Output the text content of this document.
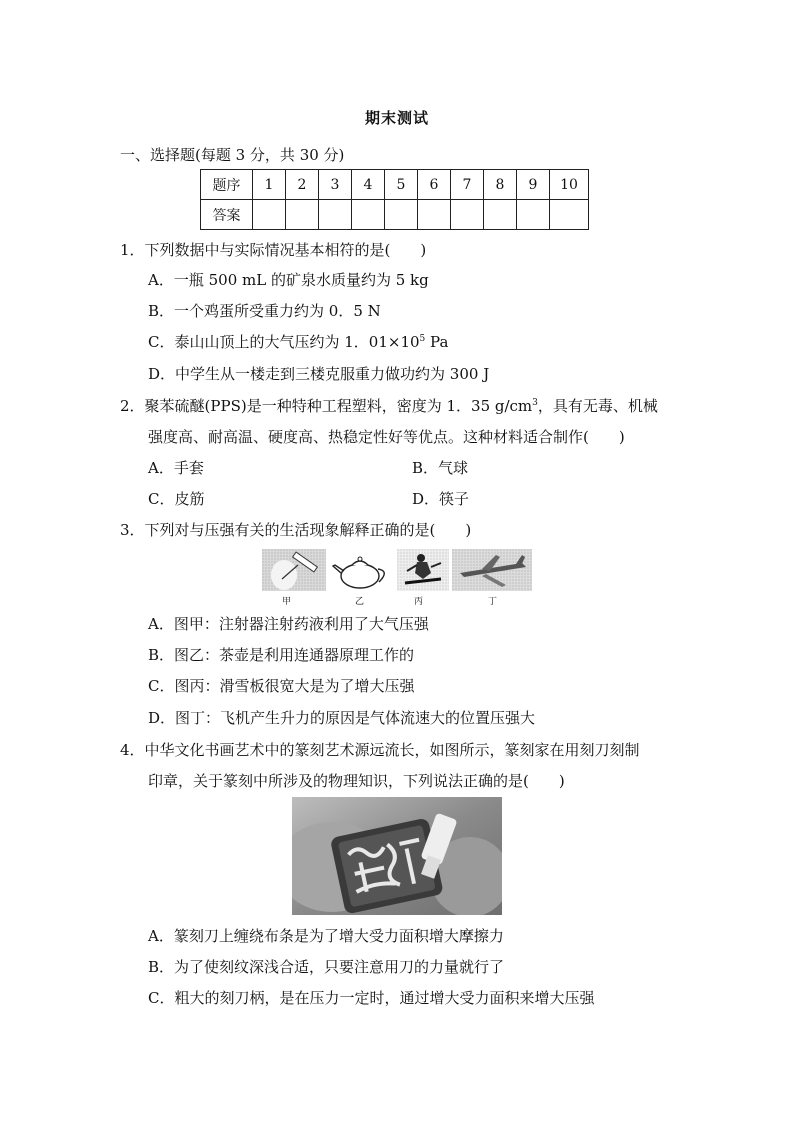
期末测试
一、选择题(每题 3 分，共 30 分)
题序	1	2	3	4	5	6	7	8	9	10
答案										
1．下列数据中与实际情况基本相符的是(　　)
A．一瓶 500 mL 的矿泉水质量约为 5 kg
B．一个鸡蛋所受重力约为 0．5 N
C．泰山山顶上的大气压约为 1．$01\times 10^5$ Pa
D．中学生从一楼走到三楼克服重力做功约为 300 J
2．聚苯硫醚(PPS)是一种特种工程塑料，密度为 1．35 $g/cm^3$，具有无毒、机械
强度高、耐高温、硬度高、热稳定性好等优点。这种材料适合制作(　　)
A．手套	B．气球
C．皮筋	D．筷子
3．下列对与压强有关的生活现象解释正确的是(　　)
甲	乙	丙	丁
A．图甲：注射器注射药液利用了大气压强
B．图乙：茶壶是利用连通器原理工作的
C．图丙：滑雪板很宽大是为了增大压强
D．图丁：飞机产生升力的原因是气体流速大的位置压强大
4．中华文化书画艺术中的篆刻艺术源远流长，如图所示，篆刻家在用刻刀刻制
印章，关于篆刻中所涉及的物理知识，下列说法正确的是(　　)
A．篆刻刀上缠绕布条是为了增大受力面积增大摩擦力
B．为了使刻纹深浅合适，只要注意用刀的力量就行了
C．粗大的刻刀柄，是在压力一定时，通过增大受力面积来增大压强
